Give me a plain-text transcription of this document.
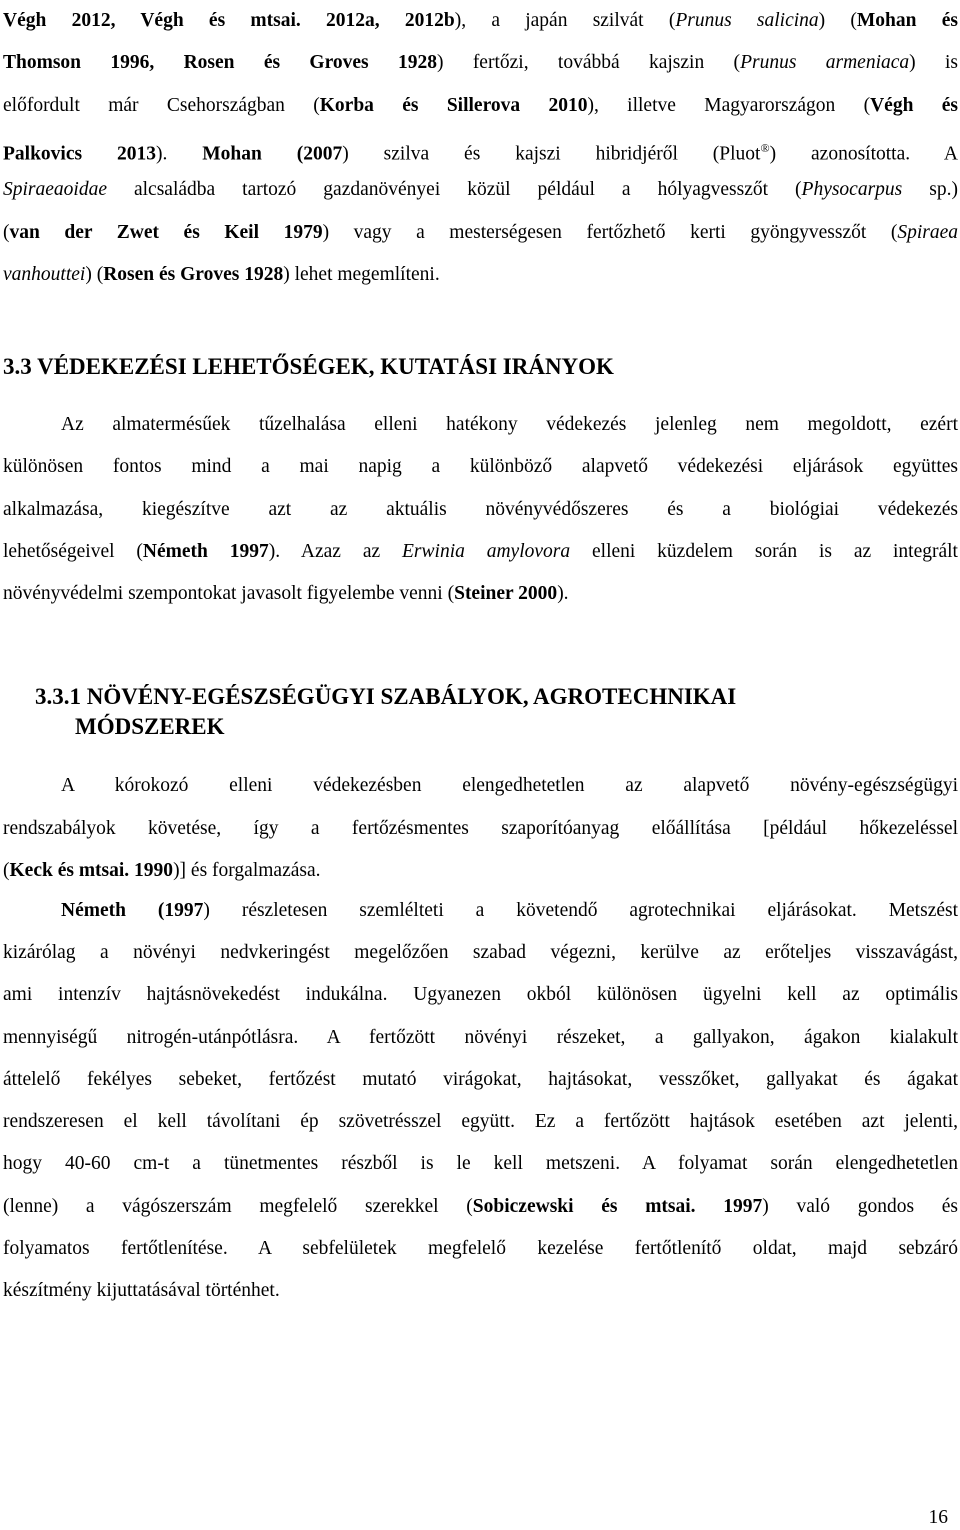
Végh 2012, Végh és mtsai. 2012a, 2012b), a japán szilvát (Prunus salicina) (Mohan és
Thomson 1996, Rosen és Groves 1928) fertőzi, továbbá kajszin (Prunus armeniaca) is
előfordult már Csehországban (Korba és Sillerova 2010), illetve Magyarországon (Végh és
Palkovics 2013). Mohan (2007) szilva és kajszi hibridjéről (Pluot®) azonosította. A
Spiraeaoidae alcsaládba tartozó gazdanövényei közül például a hólyagvesszőt (Physocarpus sp.)
(van der Zwet és Keil 1979) vagy a mesterségesen fertőzhető kerti gyöngyvesszőt (Spiraea
vanhouttei) (Rosen és Groves 1928) lehet megemlíteni.
3.3 VÉDEKEZÉSI LEHETŐSÉGEK, KUTATÁSI IRÁNYOK
Az almatermésűek tűzelhalása elleni hatékony védekezés jelenleg nem megoldott, ezért
különösen fontos mind a mai napig a különböző alapvető védekezési eljárások együttes
alkalmazása, kiegészítve azt az aktuális növényvédőszeres és a biológiai védekezés
lehetőségeivel (Németh 1997). Azaz az Erwinia amylovora elleni küzdelem során is az integrált
növényvédelmi szempontokat javasolt figyelembe venni (Steiner 2000).
3.3.1 NÖVÉNY-EGÉSZSÉGÜGYI SZABÁLYOK, AGROTECHNIKAI
MÓDSZEREK
A kórokozó elleni védekezésben elengedhetetlen az alapvető növény-egészségügyi
rendszabályok követése, így a fertőzésmentes szaporítóanyag előállítása [például hőkezeléssel
(Keck és mtsai. 1990)] és forgalmazása.
Németh (1997) részletesen szemlélteti a követendő agrotechnikai eljárásokat. Metszést
kizárólag a növényi nedvkeringést megelőzően szabad végezni, kerülve az erőteljes visszavágást,
ami intenzív hajtásnövekedést indukálna. Ugyanezen okból különösen ügyelni kell az optimális
mennyiségű nitrogén-utánpótlásra. A fertőzött növényi részeket, a gallyakon, ágakon kialakult
áttelelő fekélyes sebeket, fertőzést mutató virágokat, hajtásokat, vesszőket, gallyakat és ágakat
rendszeresen el kell távolítani ép szövetrésszel együtt. Ez a fertőzött hajtások esetében azt jelenti,
hogy 40-60 cm-t a tünetmentes részből is le kell metszeni. A folyamat során elengedhetetlen
(lenne) a vágószerszám megfelelő szerekkel (Sobiczewski és mtsai. 1997) való gondos és
folyamatos fertőtlenítése. A sebfelületek megfelelő kezelése fertőtlenítő oldat, majd sebzáró
készítmény kijuttatásával történhet.
16
